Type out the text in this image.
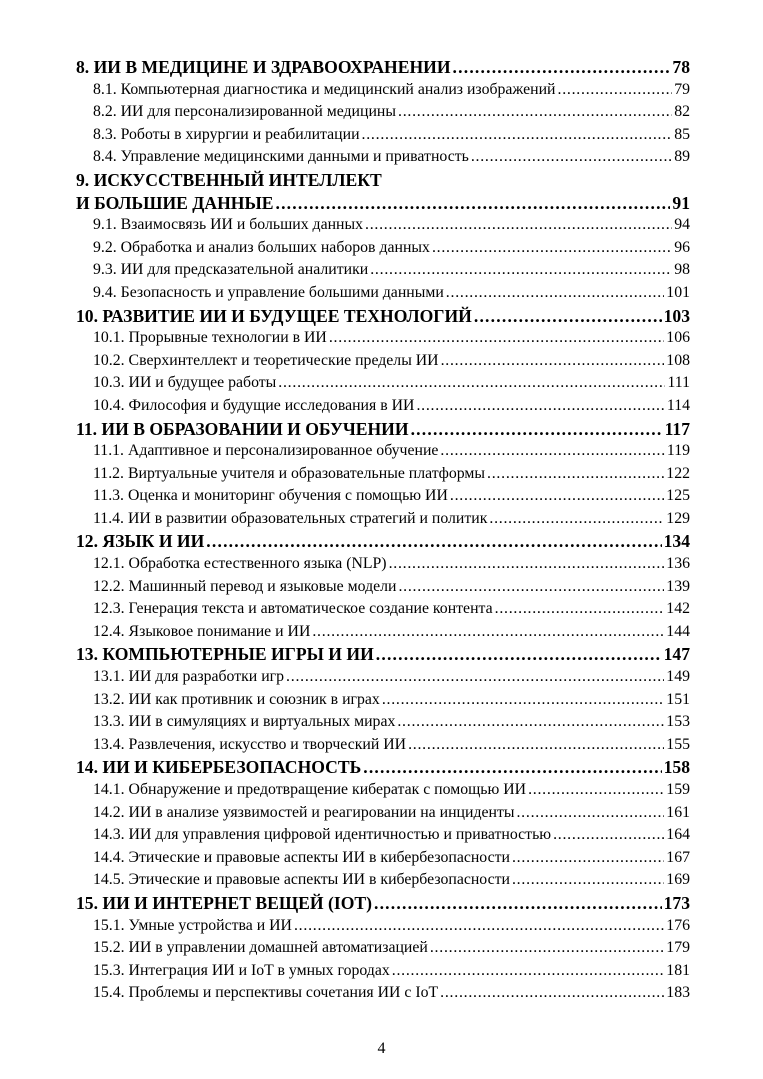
8. ИИ В МЕДИЦИНЕ И ЗДРАВООХРАНЕНИИ . . .	78
8.1. Компьютерная диагностика и медицинский анализ изображений . . .	79
8.2. ИИ для персонализированной медицины . . .	82
8.3. Роботы в хирургии и реабилитации . . .	85
8.4. Управление медицинскими данными и приватность . . .	89
9. ИСКУССТВЕННЫЙ ИНТЕЛЛЕКТ
И БОЛЬШИЕ ДАННЫЕ . . .	91
9.1. Взаимосвязь ИИ и больших данных . . .	94
9.2. Обработка и анализ больших наборов данных . . .	96
9.3. ИИ для предсказательной аналитики . . .	98
9.4. Безопасность и управление большими данными . . .	101
10. РАЗВИТИЕ ИИ И БУДУЩЕЕ ТЕХНОЛОГИЙ . . .	103
10.1. Прорывные технологии в ИИ . . .	106
10.2. Сверхинтеллект и теоретические пределы ИИ . . .	108
10.3. ИИ и будущее работы . . .	111
10.4. Философия и будущие исследования в ИИ . . .	114
11. ИИ В ОБРАЗОВАНИИ И ОБУЧЕНИИ . . .	117
11.1. Адаптивное и персонализированное обучение . . .	119
11.2. Виртуальные учителя и образовательные платформы . . .	122
11.3. Оценка и мониторинг обучения с помощью ИИ . . .	125
11.4. ИИ в развитии образовательных стратегий и политик . . .	129
12. ЯЗЫК И ИИ . . .	134
12.1. Обработка естественного языка (NLP) . . .	136
12.2. Машинный перевод и языковые модели . . .	139
12.3. Генерация текста и автоматическое создание контента . . .	142
12.4. Языковое понимание и ИИ . . .	144
13. КОМПЬЮТЕРНЫЕ ИГРЫ И ИИ . . .	147
13.1. ИИ для разработки игр . . .	149
13.2. ИИ как противник и союзник в играх . . .	151
13.3. ИИ в симуляциях и виртуальных мирах . . .	153
13.4. Развлечения, искусство и творческий ИИ . . .	155
14. ИИ И КИБЕРБЕЗОПАСНОСТЬ . . .	158
14.1. Обнаружение и предотвращение кибератак с помощью ИИ . . .	159
14.2. ИИ в анализе уязвимостей и реагировании на инциденты . . .	161
14.3. ИИ для управления цифровой идентичностью и приватностью . . .	164
14.4. Этические и правовые аспекты ИИ в кибербезопасности . . .	167
14.5. Этические и правовые аспекты ИИ в кибербезопасности . . .	169
15. ИИ И ИНТЕРНЕТ ВЕЩЕЙ (IOT) . . .	173
15.1. Умные устройства и ИИ . . .	176
15.2. ИИ в управлении домашней автоматизацией . . .	179
15.3. Интеграция ИИ и IoT в умных городах . . .	181
15.4. Проблемы и перспективы сочетания ИИ с IoT . . .	183
4
